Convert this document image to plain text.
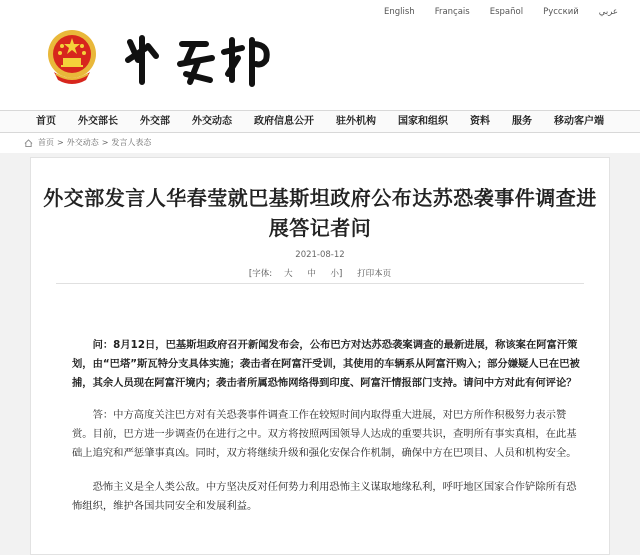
English Français Español Русский عربي
首页	外交部长	外交部	外交动态	政府信息公开	驻外机构	国家和组织	资料	服务	移动客户端
首页 > 外交动态 > 发言人表态
外交部发言人华春莹就巴基斯坦政府公布达苏恐袭事件调查进展答记者问
2021-08-12
[字体: 大 中 小] 打印本页

问：8月12日，巴基斯坦政府召开新闻发布会，公布巴方对达苏恐袭案调查的最新进展，称该案在阿富汗策划，由“巴塔”斯瓦特分支具体实施；袭击者在阿富汗受训，其使用的车辆系从阿富汗购入；部分嫌疑人已在巴被捕，其余人员现在阿富汗境内；袭击者所属恐怖网络得到印度、阿富汗情报部门支持。请问中方对此有何评论？

答：中方高度关注巴方对有关恐袭事件调查工作在较短时间内取得重大进展，对巴方所作积极努力表示赞赏。目前，巴方进一步调查仍在进行之中。双方将按照两国领导人达成的重要共识，查明所有事实真相，在此基础上追究和严惩肇事真凶。同时，双方将继续升级和强化安保合作机制，确保中方在巴项目、人员和机构安全。

恐怖主义是全人类公敌。中方坚决反对任何势力利用恐怖主义谋取地缘私利，呼吁地区国家合作铲除所有恐怖组织，维护各国共同安全和发展利益。
